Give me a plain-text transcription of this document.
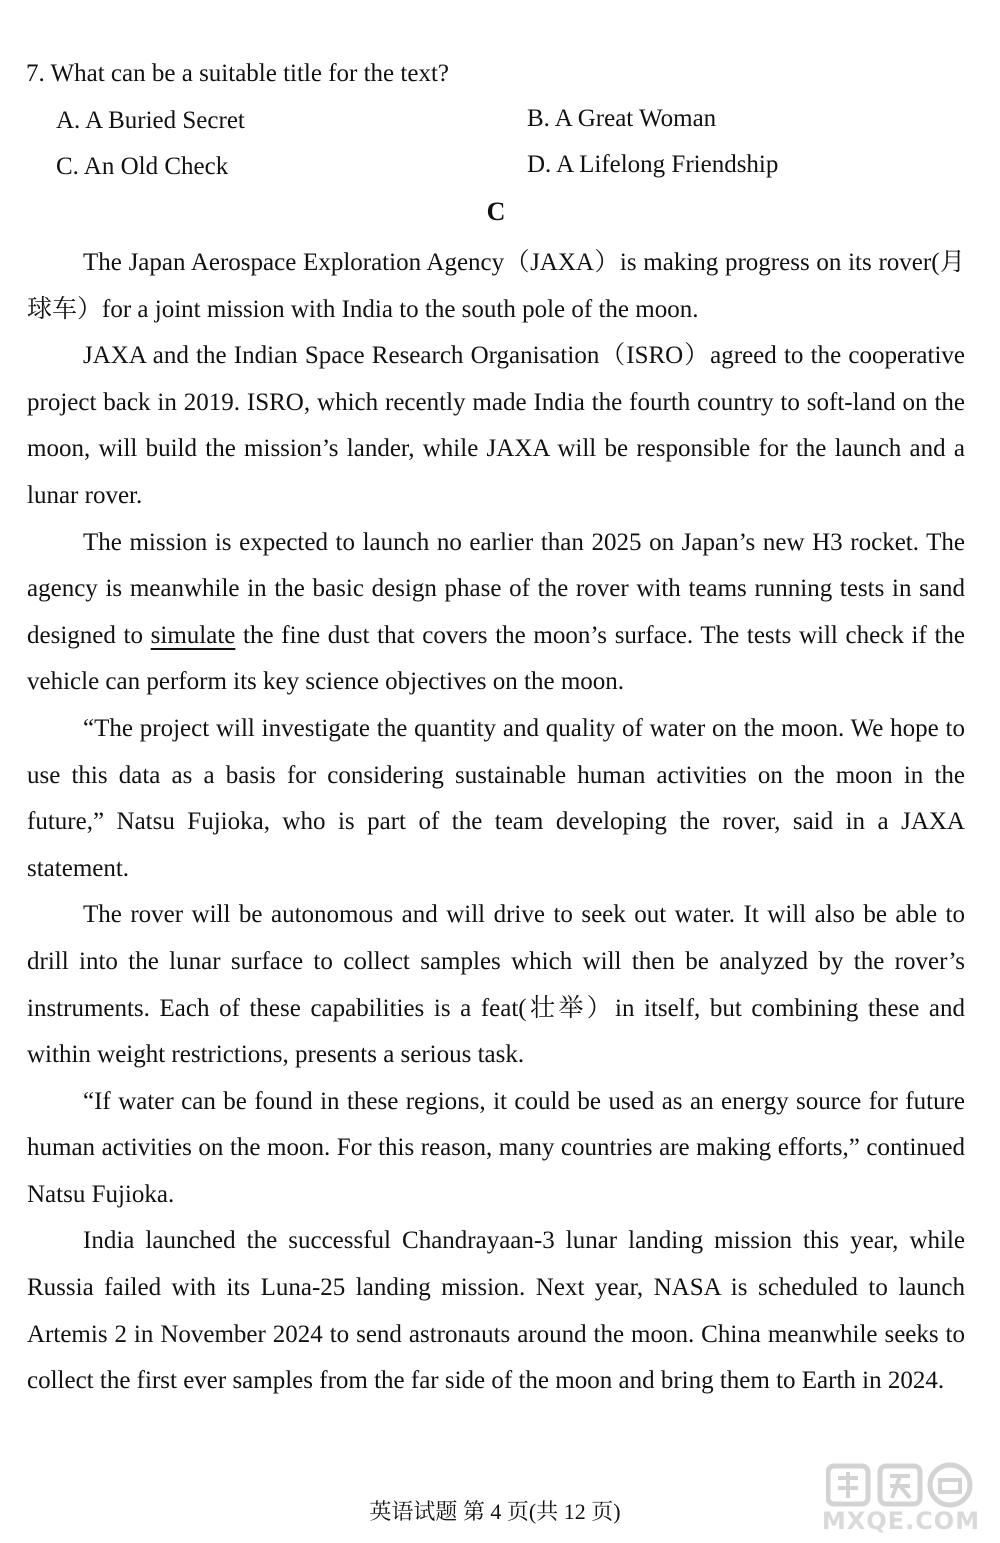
7. What can be a suitable title for the text?
A. A Buried Secret	B. A Great Woman
C. An Old Check	D. A Lifelong Friendship
C

The Japan Aerospace Exploration Agency（JAXA）is making progress on its rover(月球车）for a joint mission with India to the south pole of the moon.

JAXA and the Indian Space Research Organisation（ISRO）agreed to the cooperative project back in 2019. ISRO, which recently made India the fourth country to soft-land on the moon, will build the mission’s lander, while JAXA will be responsible for the launch and a lunar rover.

The mission is expected to launch no earlier than 2025 on Japan’s new H3 rocket. The agency is meanwhile in the basic design phase of the rover with teams running tests in sand designed to simulate the fine dust that covers the moon’s surface. The tests will check if the vehicle can perform its key science objectives on the moon.

“The project will investigate the quantity and quality of water on the moon. We hope to use this data as a basis for considering sustainable human activities on the moon in the future,” Natsu Fujioka, who is part of the team developing the rover, said in a JAXA statement.

The rover will be autonomous and will drive to seek out water. It will also be able to drill into the lunar surface to collect samples which will then be analyzed by the rover’s instruments. Each of these capabilities is a feat(壮举）in itself, but combining these and within weight restrictions, presents a serious task.

“If water can be found in these regions, it could be used as an energy source for future human activities on the moon. For this reason, many countries are making efforts,” continued Natsu Fujioka.

India launched the successful Chandrayaan-3 lunar landing mission this year, while Russia failed with its Luna-25 landing mission. Next year, NASA is scheduled to launch Artemis 2 in November 2024 to send astronauts around the moon. China meanwhile seeks to collect the first ever samples from the far side of the moon and bring them to Earth in 2024.

英语试题 第 4 页(共 12 页)	MXQE.COM
